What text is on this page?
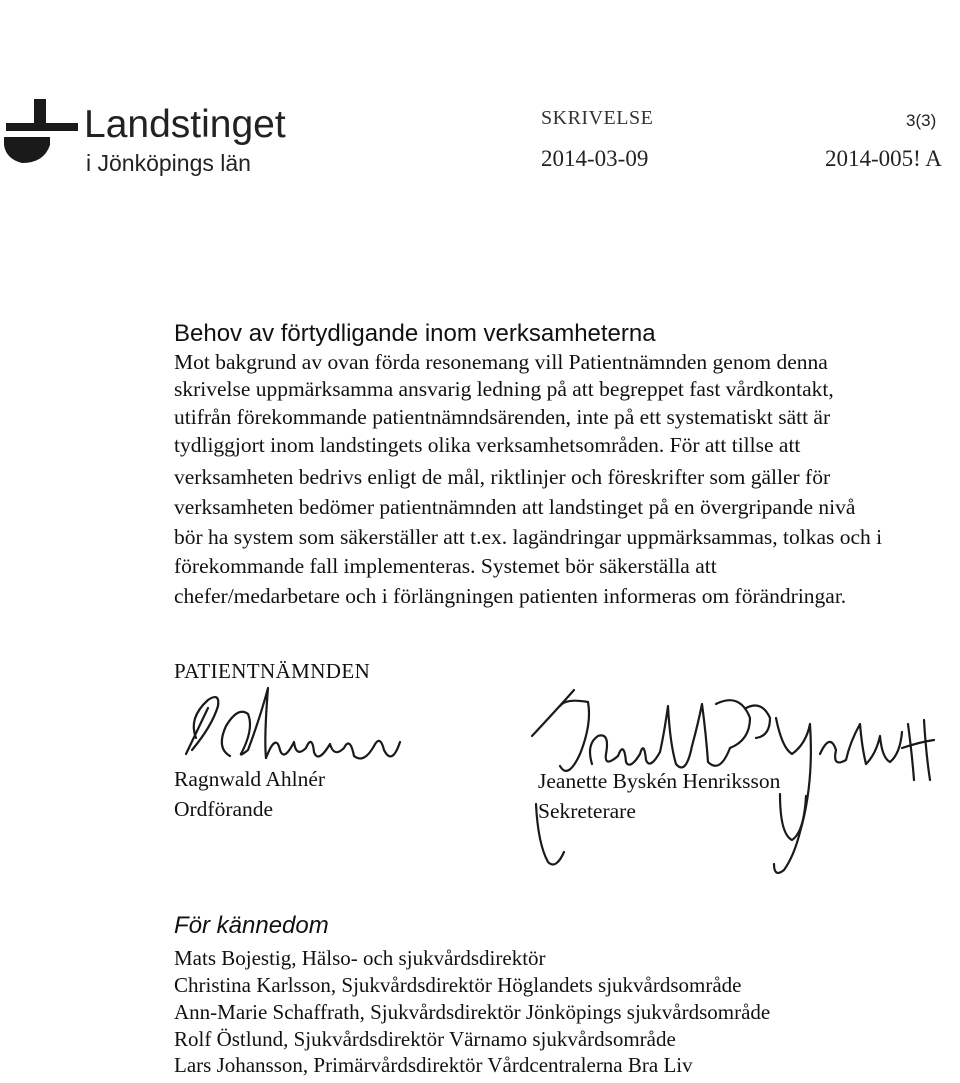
Landstinget
i Jönköpings län
SKRIVELSE	3(3)
2014-03-09	2014-005! A
Behov av förtydligande inom verksamheterna
Mot bakgrund av ovan förda resonemang vill Patientnämnden genom denna
skrivelse uppmärksamma ansvarig ledning på att begreppet fast vårdkontakt,
utifrån förekommande patientnämndsärenden, inte på ett systematiskt sätt är
tydliggjort inom landstingets olika verksamhetsområden. För att tillse att
verksamheten bedrivs enligt de mål, riktlinjer och föreskrifter som gäller för
verksamheten bedömer patientnämnden att landstinget på en övergripande nivå
bör ha system som säkerställer att t.ex. lagändringar uppmärksammas, tolkas och i
förekommande fall implementeras. Systemet bör säkerställa att
chefer/medarbetare och i förlängningen patienten informeras om förändringar.
PATIENTNÄMNDEN
Ragnwald Ahlnér
Ordförande
Jeanette Byskén Henriksson
Sekreterare
För kännedom
Mats Bojestig, Hälso- och sjukvårdsdirektör
Christina Karlsson, Sjukvårdsdirektör Höglandets sjukvårdsområde
Ann-Marie Schaffrath, Sjukvårdsdirektör Jönköpings sjukvårdsområde
Rolf Östlund, Sjukvårdsdirektör Värnamo sjukvårdsområde
Lars Johansson, Primärvårdsdirektör Vårdcentralerna Bra Liv
